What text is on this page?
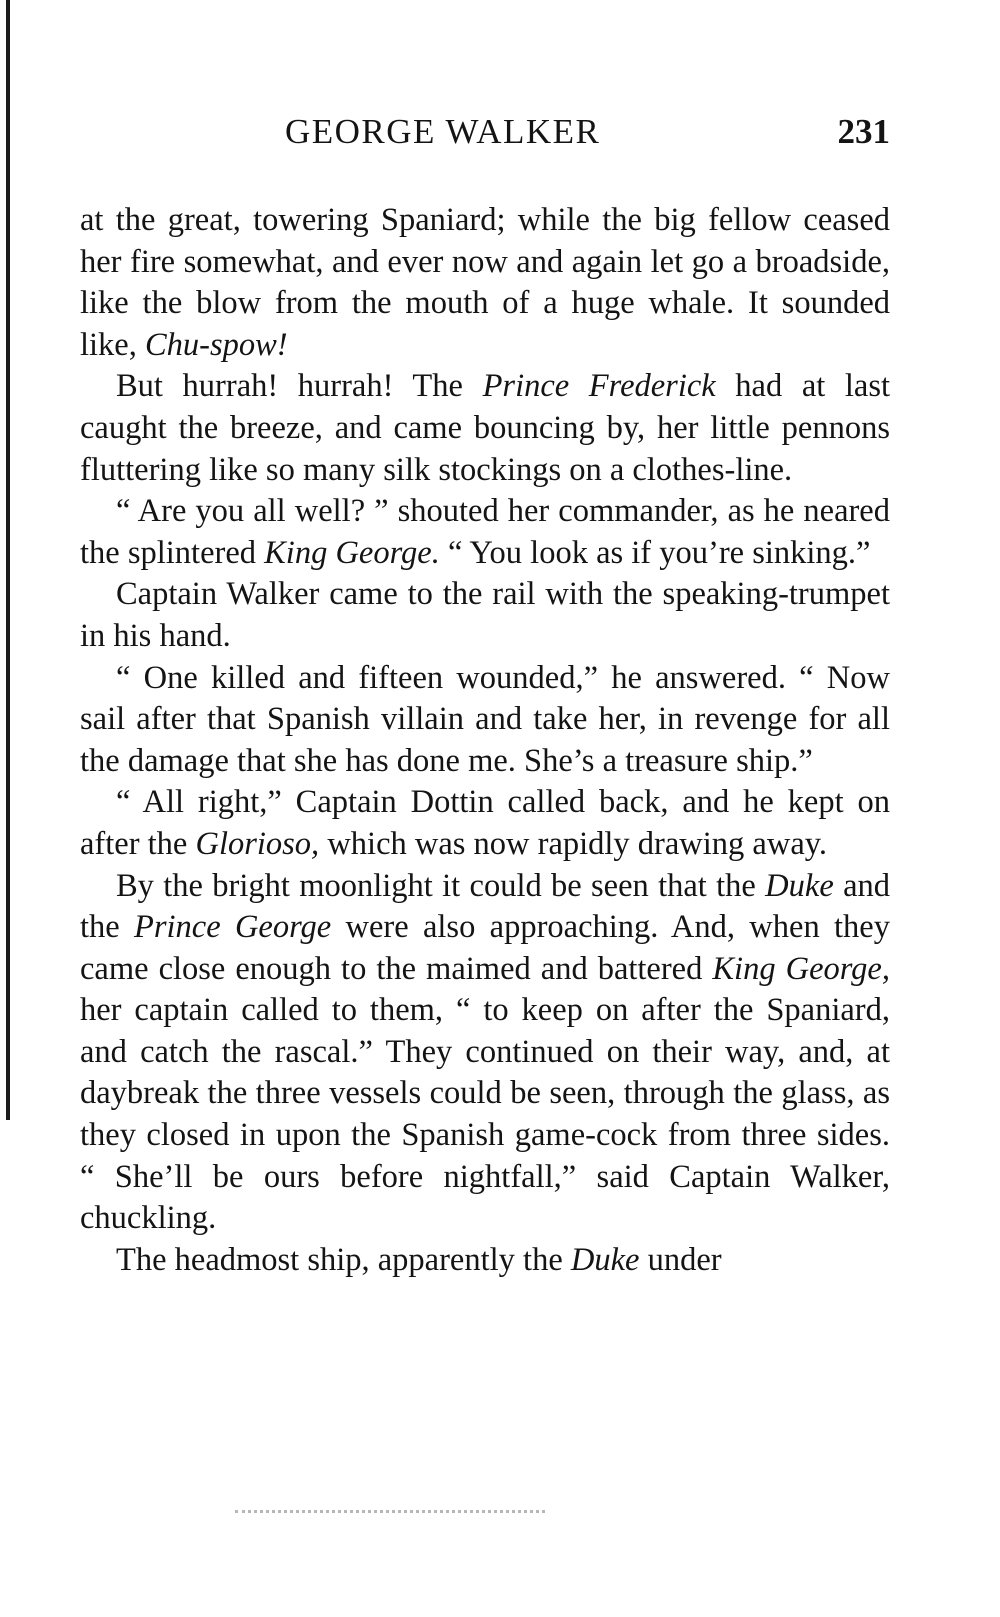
GEORGE WALKER	231

at the great, towering Spaniard; while the big fellow ceased her fire somewhat, and ever now and again let go a broadside, like the blow from the mouth of a huge whale. It sounded like, Chu-spow!

But hurrah! hurrah! The Prince Frederick had at last caught the breeze, and came bouncing by, her little pennons fluttering like so many silk stockings on a clothes-line.

“ Are you all well? ” shouted her commander, as he neared the splintered King George. “ You look as if you’re sinking.”

Captain Walker came to the rail with the speaking-trumpet in his hand.

“ One killed and fifteen wounded,” he answered. “ Now sail after that Spanish villain and take her, in revenge for all the damage that she has done me. She’s a treasure ship.”

“ All right,” Captain Dottin called back, and he kept on after the Glorioso, which was now rapidly drawing away.

By the bright moonlight it could be seen that the Duke and the Prince George were also approaching. And, when they came close enough to the maimed and battered King George, her captain called to them, “ to keep on after the Spaniard, and catch the rascal.” They continued on their way, and, at daybreak the three vessels could be seen, through the glass, as they closed in upon the Spanish game-cock from three sides. “ She’ll be ours before nightfall,” said Captain Walker, chuckling.

The headmost ship, apparently the Duke under
